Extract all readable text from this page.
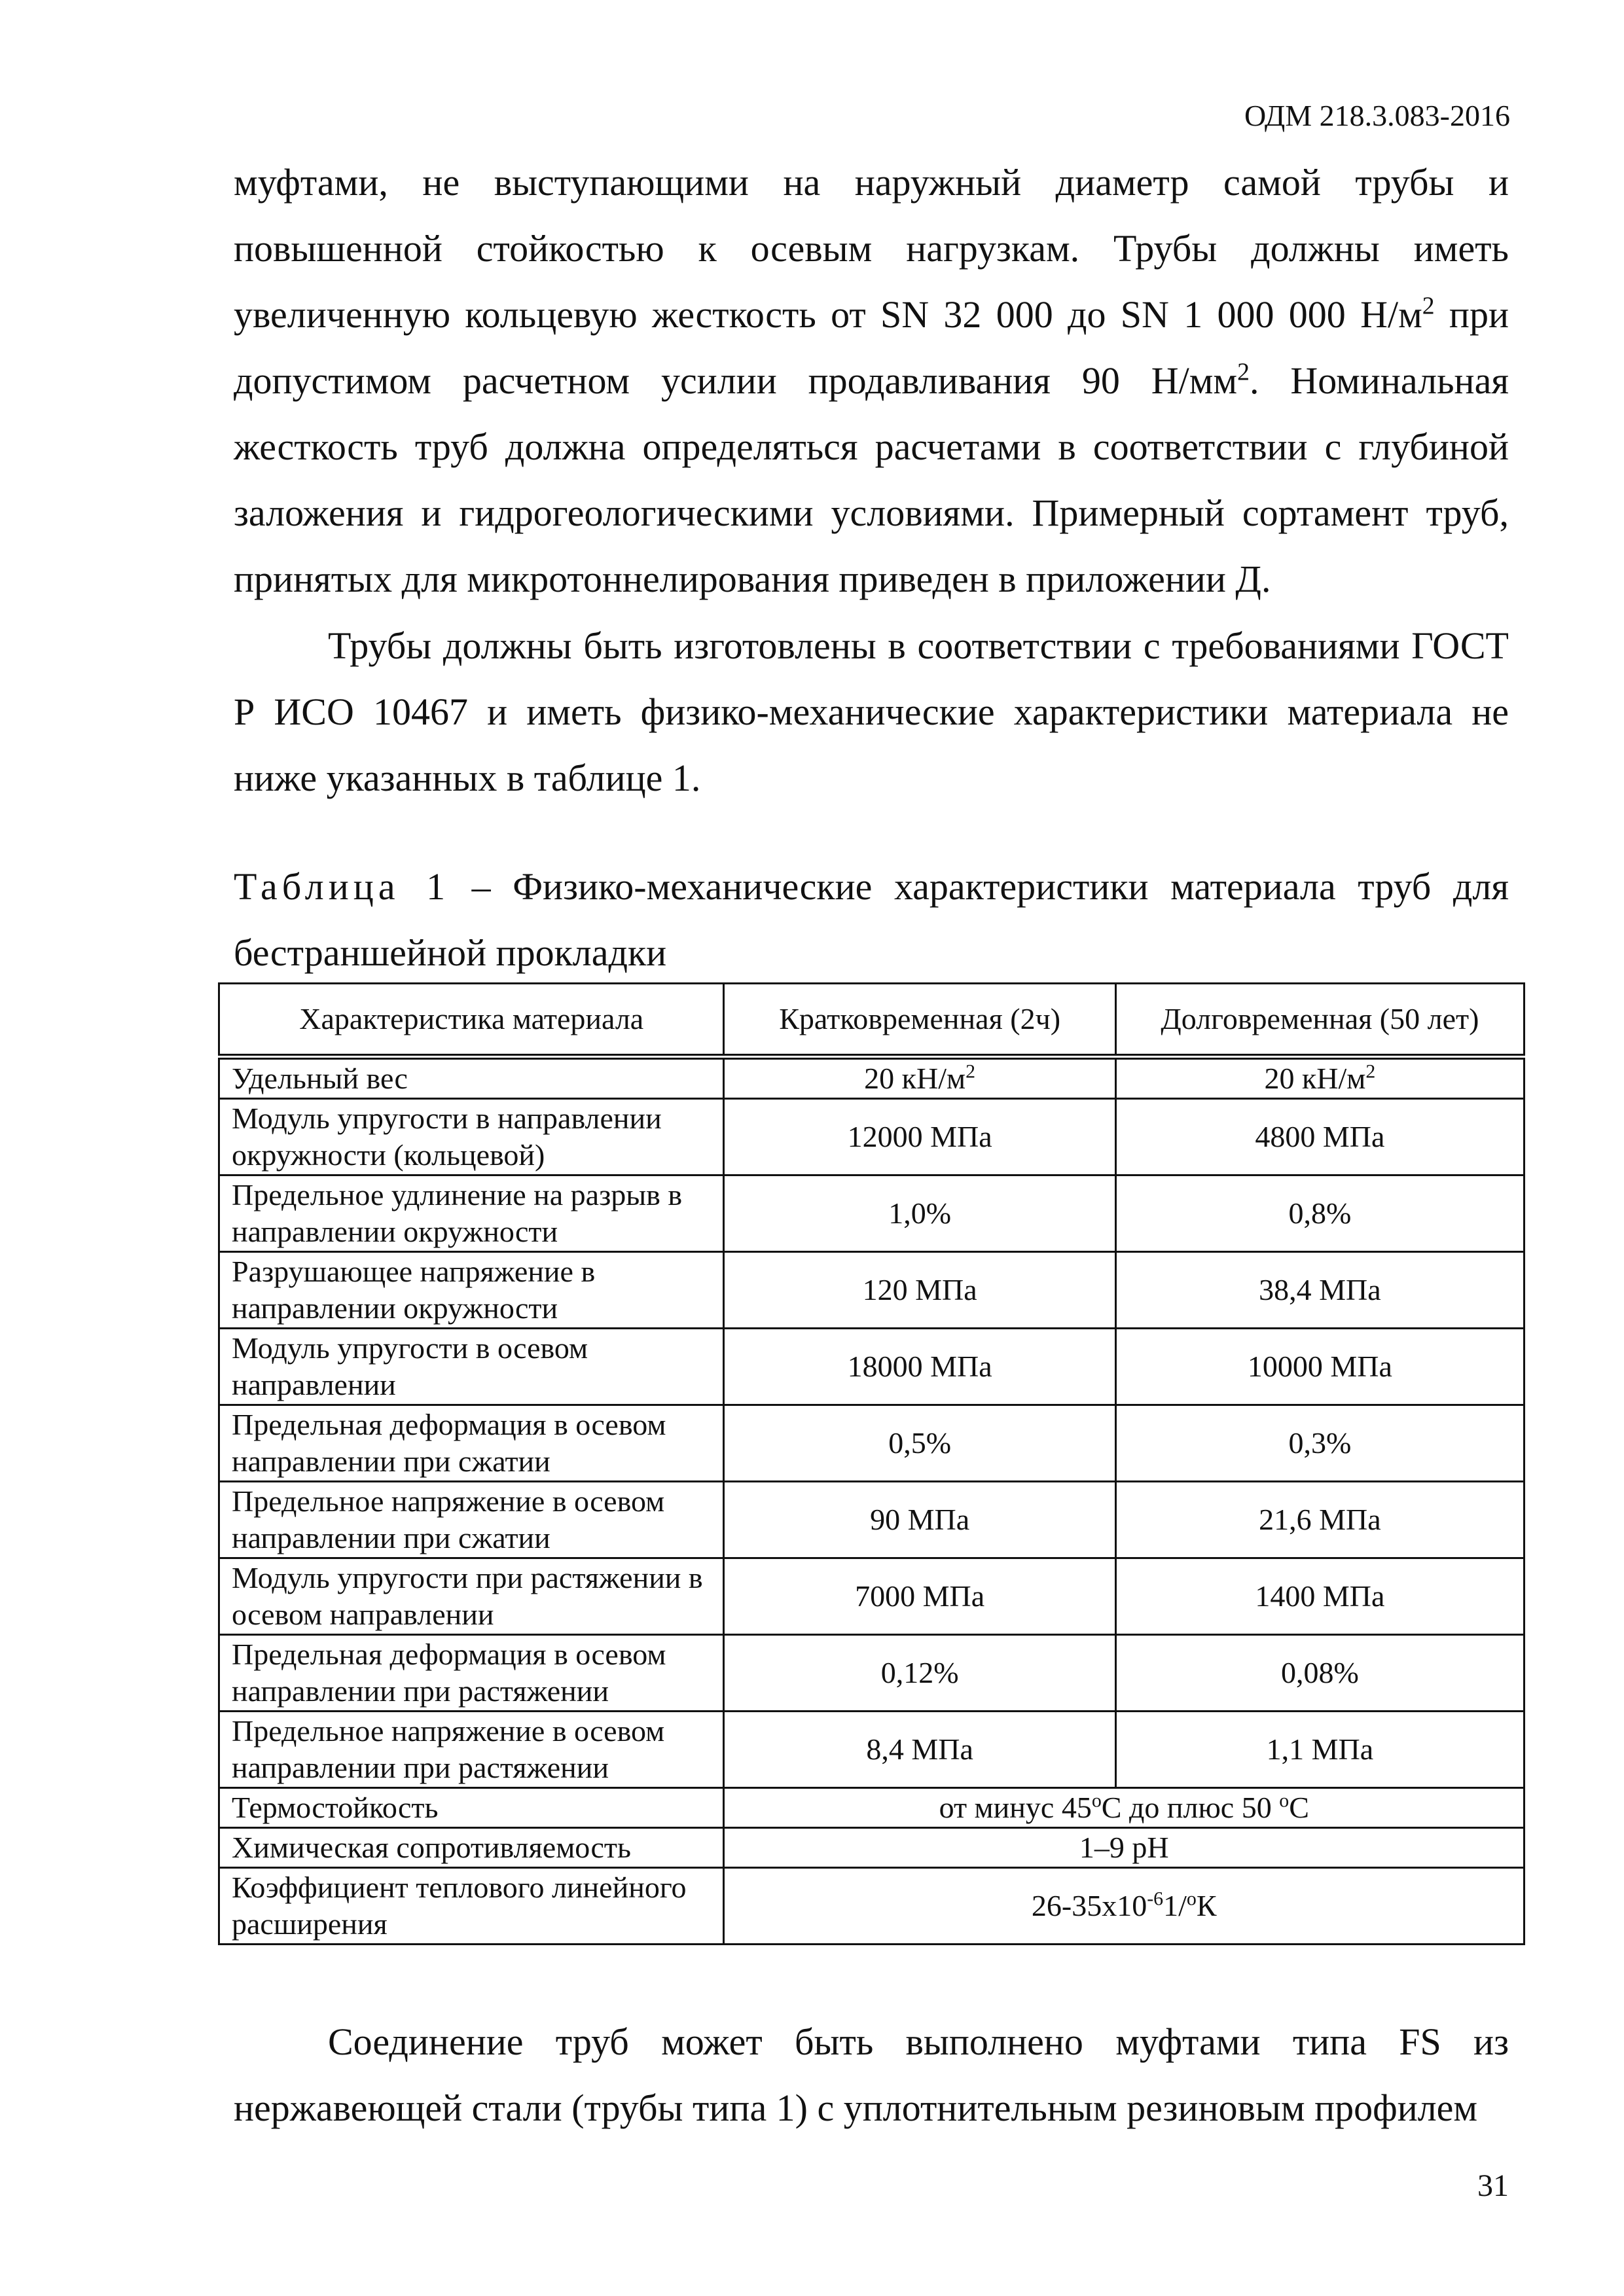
ОДМ 218.3.083-2016
муфтами, не выступающими на наружный диаметр самой трубы и повышенной стойкостью к осевым нагрузкам. Трубы должны иметь увеличенную кольцевую жесткость от SN 32 000 до SN 1 000 000 $Н/м^2$ при допустимом расчетном усилии продавливания 90 $Н/мм^2$. Номинальная жесткость труб должна определяться расчетами в соответствии с глубиной заложения и гидрогеологическими условиями. Примерный сортамент труб, принятых для микротоннелирования приведен в приложении Д.
Трубы должны быть изготовлены в соответствии с требованиями ГОСТ Р ИСО 10467 и иметь физико-механические характеристики материала не ниже указанных в таблице 1.
Таблица 1 – Физико-механические характеристики материала труб для бестраншейной прокладки
Характеристика материала	Кратковременная (2ч)	Долговременная (50 лет)
Удельный вес	20 $кН/м^2$	20 $кН/м^2$
Модуль упругости в направлении окружности (кольцевой)	12000 МПа	4800 МПа
Предельное удлинение на разрыв в направлении окружности	1,0%	0,8%
Разрушающее напряжение в направлении окружности	120 МПа	38,4 МПа
Модуль упругости в осевом направлении	18000 МПа	10000 МПа
Предельная деформация в осевом направлении при сжатии	0,5%	0,3%
Предельное напряжение в осевом направлении при сжатии	90 МПа	21,6 МПа
Модуль упругости при растяжении в осевом направлении	7000 МПа	1400 МПа
Предельная деформация в осевом направлении при растяжении	0,12%	0,08%
Предельное напряжение в осевом направлении при растяжении	8,4 МПа	1,1 МПа
Термостойкость	от минус 45$^o$С до плюс 50 $^o$С	
Химическая сопротивляемость	1–9 pH	
Коэффициент теплового линейного расширения	$26-35х10^{-6}1/^oК$	
Соединение труб может быть выполнено муфтами типа FS из нержавеющей стали (трубы типа 1) с уплотнительным резиновым профилем
31
